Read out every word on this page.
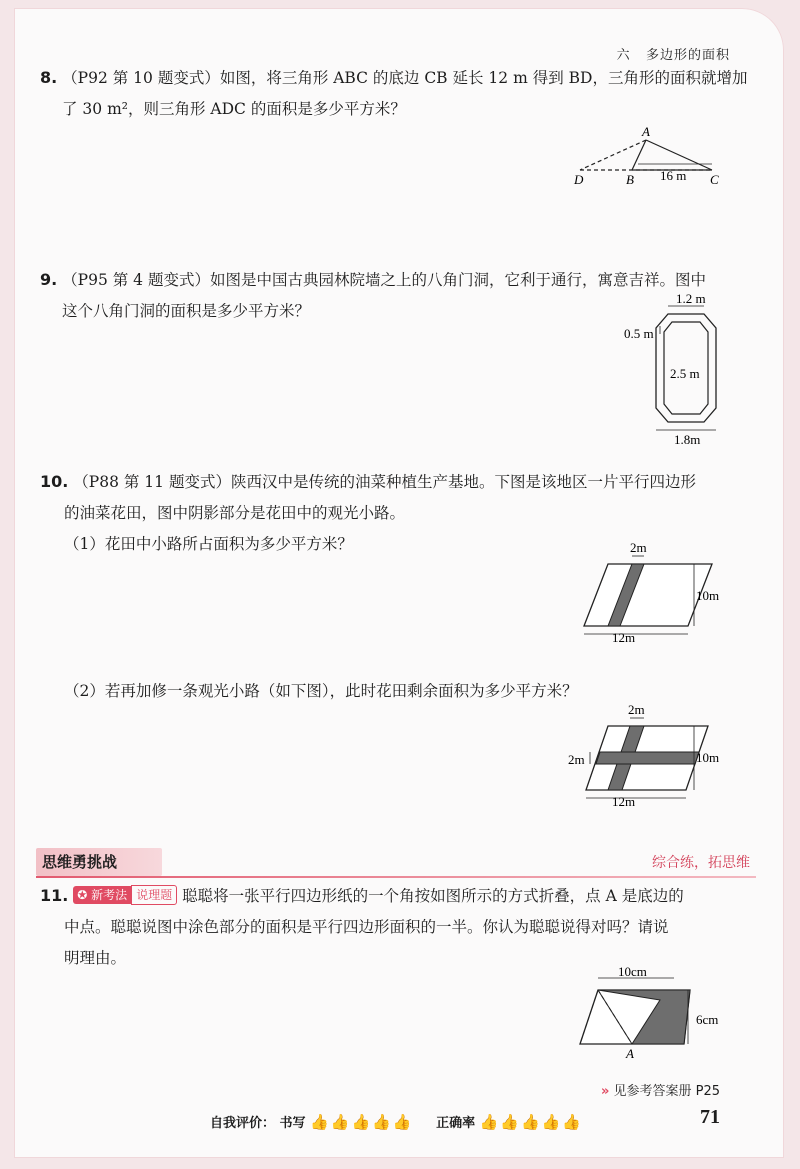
六 多边形的面积
8. （P92 第 10 题变式）如图，将三角形 ABC 的底边 CB 延长 12 m 得到 BD，三角形的面积就增加
了 30 m²，则三角形 ADC 的面积是多少平方米？
A
D	B	C
16 m
9. （P95 第 4 题变式）如图是中国古典园林院墙之上的八角门洞，它利于通行，寓意吉祥。图中
这个八角门洞的面积是多少平方米？
1.2 m
0.5 m
2.5 m
1.8m
10. （P88 第 11 题变式）陕西汉中是传统的油菜种植生产基地。下图是该地区一片平行四边形
的油菜花田，图中阴影部分是花田中的观光小路。
（1）花田中小路所占面积为多少平方米？	2m
10m
12m
（2）若再加修一条观光小路（如下图），此时花田剩余面积为多少平方米？
2m
2m	10m
12m
思维勇挑战	综合练，拓思维
11. ✪ 新考法 说理题 聪聪将一张平行四边形纸的一个角按如图所示的方式折叠，点 A 是底边的
中点。聪聪说图中涂色部分的面积是平行四边形面积的一半。你认为聪聪说得对吗？请说
明理由。
10cm
6cm
A
» 见参考答案册 P25
自我评价： 书写 👍👍👍👍👍 正确率 👍👍👍👍👍	71
